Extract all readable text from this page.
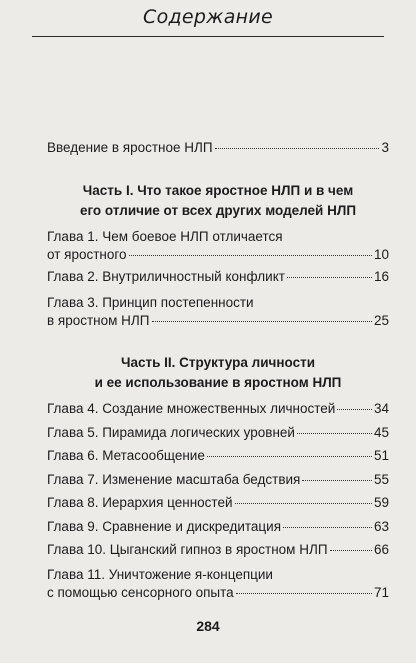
Содержание
Введение в яростное НЛП	3
Часть I. Что такое яростное НЛП и в чем
его отличие от всех других моделей НЛП
Глава 1. Чем боевое НЛП отличается
от яростного	10
Глава 2. Внутриличностный конфликт	16
Глава 3. Принцип постепенности
в яростном НЛП	25
Часть II. Структура личности
и ее использование в яростном НЛП
Глава 4. Создание множественных личностей	34
Глава 5. Пирамида логических уровней	45
Глава 6. Метасообщение	51
Глава 7. Изменение масштаба бедствия	55
Глава 8. Иерархия ценностей	59
Глава 9. Сравнение и дискредитация	63
Глава 10. Цыганский гипноз в яростном НЛП	66
Глава 11. Уничтожение я-концепции
с помощью сенсорного опыта	71
284
